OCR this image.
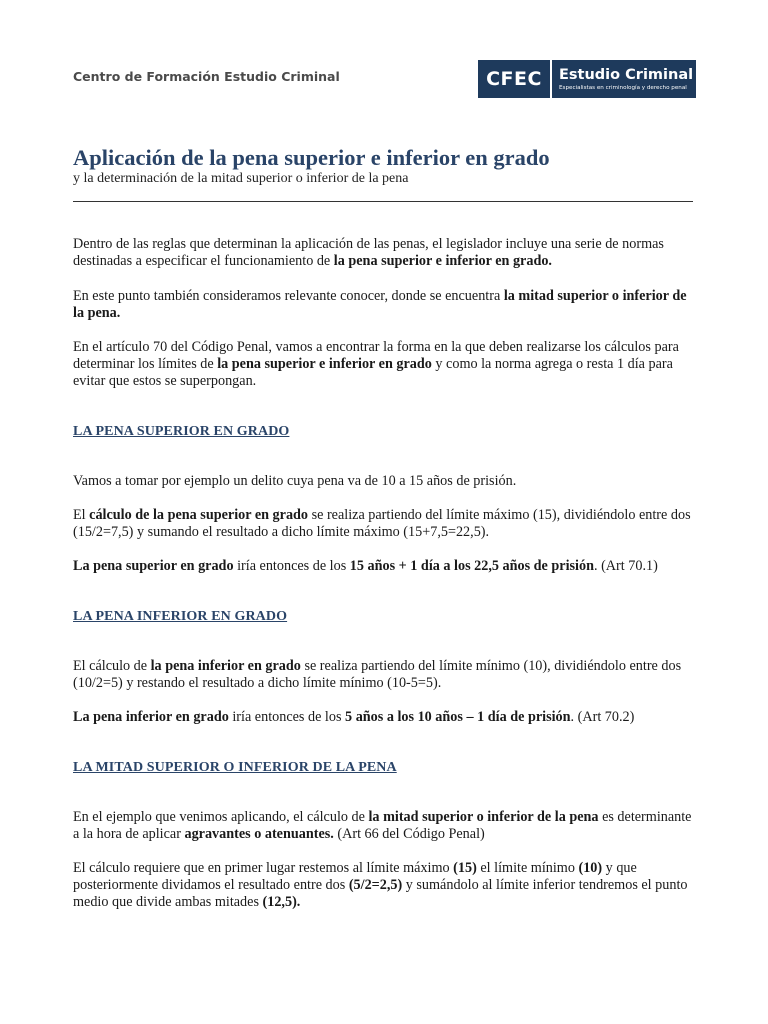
Centro de Formación Estudio Criminal	CFEC	Estudio Criminal
Especialistas en criminología y derecho penal
Aplicación de la pena superior e inferior en grado
y la determinación de la mitad superior o inferior de la pena

Dentro de las reglas que determinan la aplicación de las penas, el legislador incluye una serie de normas destinadas a especificar el funcionamiento de la pena superior e inferior en grado.

En este punto también consideramos relevante conocer, donde se encuentra la mitad superior o inferior de la pena.

En el artículo 70 del Código Penal, vamos a encontrar la forma en la que deben realizarse los cálculos para determinar los límites de la pena superior e inferior en grado y como la norma agrega o resta 1 día para evitar que estos se superpongan.

LA PENA SUPERIOR EN GRADO

Vamos a tomar por ejemplo un delito cuya pena va de 10 a 15 años de prisión.

El cálculo de la pena superior en grado se realiza partiendo del límite máximo (15), dividiéndolo entre dos (15/2=7,5) y sumando el resultado a dicho límite máximo (15+7,5=22,5).

La pena superior en grado iría entonces de los 15 años + 1 día a los 22,5 años de prisión. (Art 70.1)

LA PENA INFERIOR EN GRADO

El cálculo de la pena inferior en grado se realiza partiendo del límite mínimo (10), dividiéndolo entre dos (10/2=5) y restando el resultado a dicho límite mínimo (10-5=5).

La pena inferior en grado iría entonces de los 5 años a los 10 años – 1 día de prisión. (Art 70.2)

LA MITAD SUPERIOR O INFERIOR DE LA PENA

En el ejemplo que venimos aplicando, el cálculo de la mitad superior o inferior de la pena es determinante a la hora de aplicar agravantes o atenuantes. (Art 66 del Código Penal)

El cálculo requiere que en primer lugar restemos al límite máximo (15) el límite mínimo (10) y que posteriormente dividamos el resultado entre dos (5/2=2,5) y sumándolo al límite inferior tendremos el punto medio que divide ambas mitades (12,5).
